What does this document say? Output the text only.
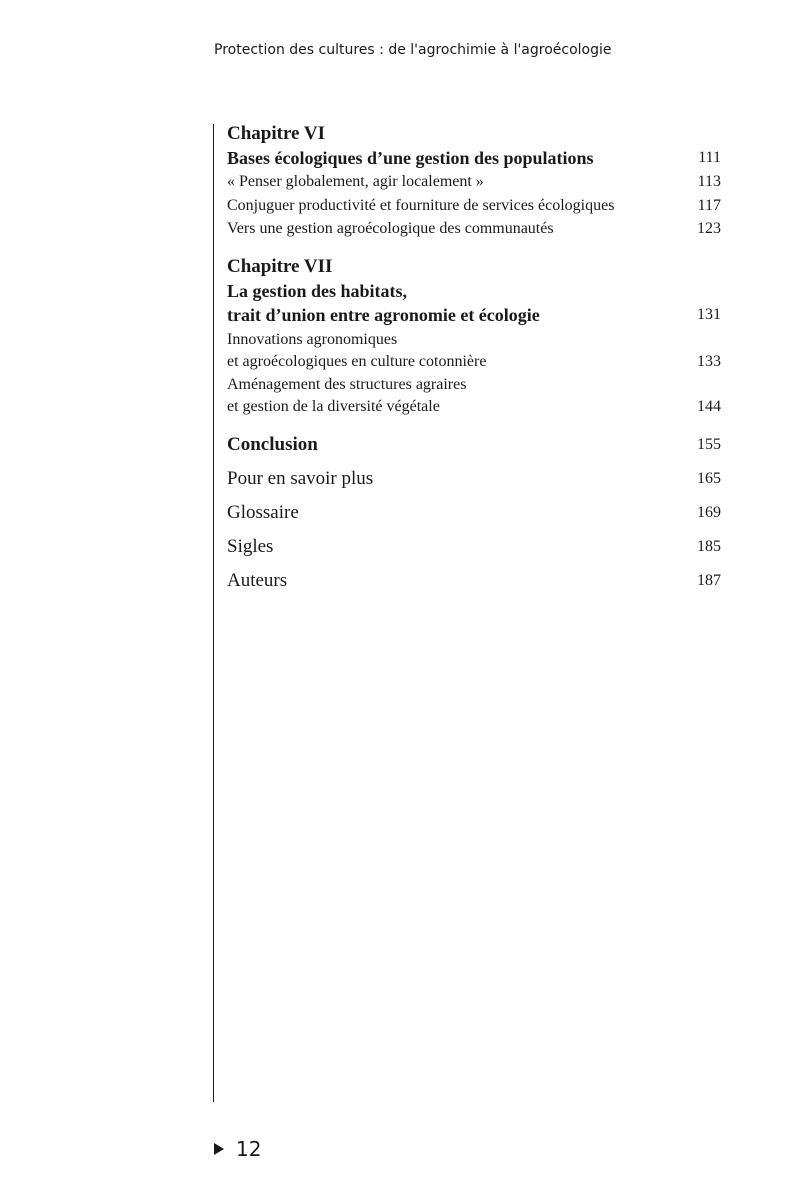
Protection des cultures : de l'agrochimie à l'agroécologie
Chapitre VI
Bases écologiques d’une gestion des populations	111
« Penser globalement, agir localement »	113
Conjuguer productivité et fourniture de services écologiques	117
Vers une gestion agroécologique des communautés	123
Chapitre VII
La gestion des habitats,
trait d’union entre agronomie et écologie	131
Innovations agronomiques
et agroécologiques en culture cotonnière	133
Aménagement des structures agraires
et gestion de la diversité végétale	144
Conclusion	155
Pour en savoir plus	165
Glossaire	169
Sigles	185
Auteurs	187
12
